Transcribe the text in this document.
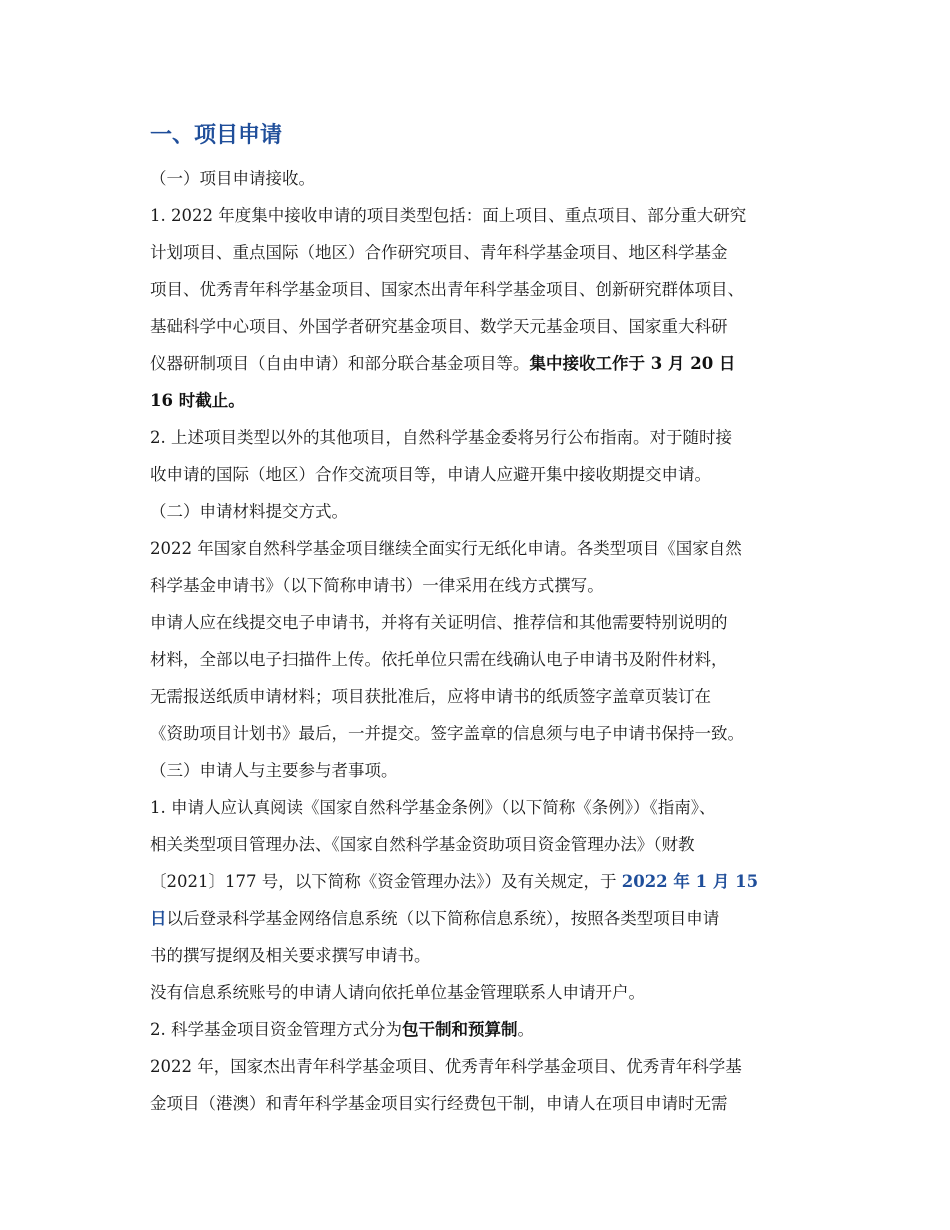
一、项目申请

（一）项目申请接收。

1. 2022 年度集中接收申请的项目类型包括：面上项目、重点项目、部分重大研究

计划项目、重点国际（地区）合作研究项目、青年科学基金项目、地区科学基金

项目、优秀青年科学基金项目、国家杰出青年科学基金项目、创新研究群体项目、

基础科学中心项目、外国学者研究基金项目、数学天元基金项目、国家重大科研

仪器研制项目（自由申请）和部分联合基金项目等。集中接收工作于 3 月 20 日

16 时截止。

2. 上述项目类型以外的其他项目，自然科学基金委将另行公布指南。对于随时接

收申请的国际（地区）合作交流项目等，申请人应避开集中接收期提交申请。

（二）申请材料提交方式。

2022 年国家自然科学基金项目继续全面实行无纸化申请。各类型项目《国家自然

科学基金申请书》（以下简称申请书）一律采用在线方式撰写。

申请人应在线提交电子申请书，并将有关证明信、推荐信和其他需要特别说明的

材料，全部以电子扫描件上传。依托单位只需在线确认电子申请书及附件材料，

无需报送纸质申请材料；项目获批准后，应将申请书的纸质签字盖章页装订在

《资助项目计划书》最后，一并提交。签字盖章的信息须与电子申请书保持一致。

（三）申请人与主要参与者事项。

1. 申请人应认真阅读《国家自然科学基金条例》（以下简称《条例》）《指南》、

相关类型项目管理办法、《国家自然科学基金资助项目资金管理办法》（财教

〔2021〕177 号，以下简称《资金管理办法》）及有关规定，于 2022 年 1 月 15

日以后登录科学基金网络信息系统（以下简称信息系统），按照各类型项目申请

书的撰写提纲及相关要求撰写申请书。

没有信息系统账号的申请人请向依托单位基金管理联系人申请开户。

2. 科学基金项目资金管理方式分为包干制和预算制。

2022 年，国家杰出青年科学基金项目、优秀青年科学基金项目、优秀青年科学基

金项目（港澳）和青年科学基金项目实行经费包干制，申请人在项目申请时无需
